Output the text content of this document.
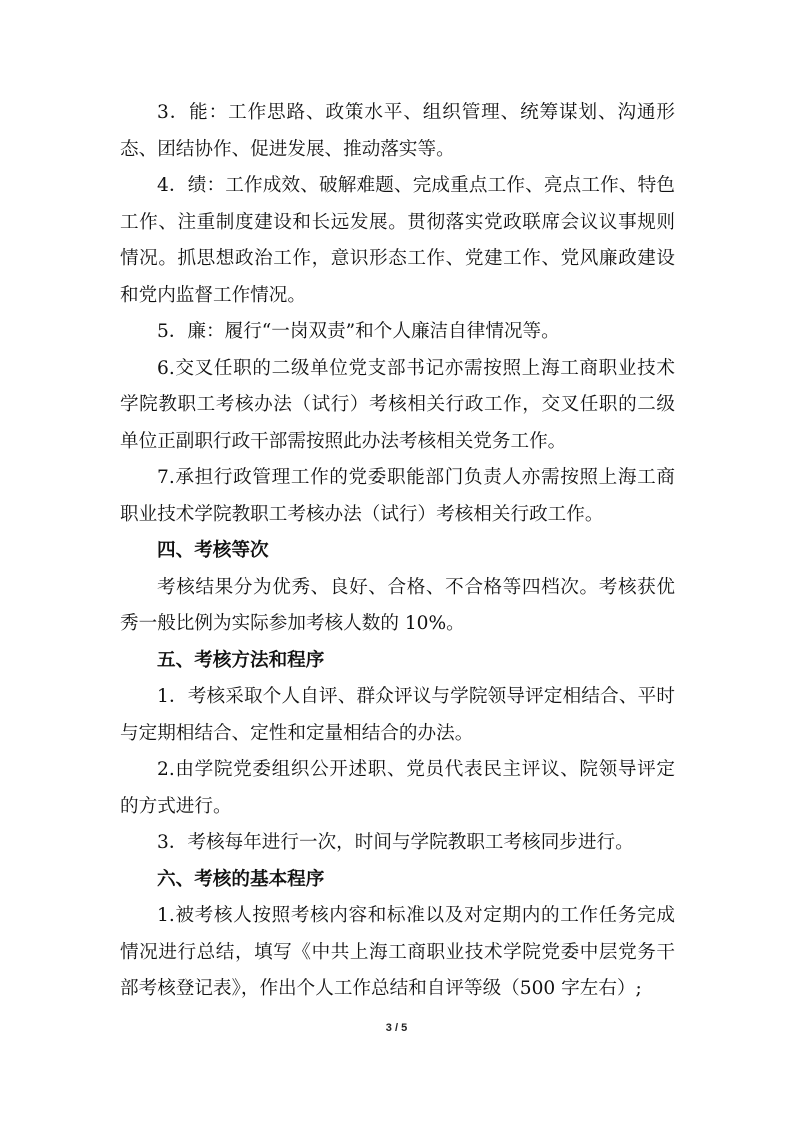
3．能：工作思路、政策水平、组织管理、统筹谋划、沟通形态、团结协作、促进发展、推动落实等。

4．绩：工作成效、破解难题、完成重点工作、亮点工作、特色工作、注重制度建设和长远发展。贯彻落实党政联席会议议事规则情况。抓思想政治工作，意识形态工作、党建工作、党风廉政建设和党内监督工作情况。

5．廉：履行“一岗双责”和个人廉洁自律情况等。

6.交叉任职的二级单位党支部书记亦需按照上海工商职业技术学院教职工考核办法（试行）考核相关行政工作，交叉任职的二级单位正副职行政干部需按照此办法考核相关党务工作。

7.承担行政管理工作的党委职能部门负责人亦需按照上海工商职业技术学院教职工考核办法（试行）考核相关行政工作。

四、考核等次

考核结果分为优秀、良好、合格、不合格等四档次。考核获优秀一般比例为实际参加考核人数的 10%。

五、考核方法和程序

1．考核采取个人自评、群众评议与学院领导评定相结合、平时与定期相结合、定性和定量相结合的办法。

2.由学院党委组织公开述职、党员代表民主评议、院领导评定的方式进行。

3．考核每年进行一次，时间与学院教职工考核同步进行。

六、考核的基本程序

1.被考核人按照考核内容和标准以及对定期内的工作任务完成情况进行总结，填写《中共上海工商职业技术学院党委中层党务干部考核登记表》，作出个人工作总结和自评等级（500 字左右）;

3 / 5
